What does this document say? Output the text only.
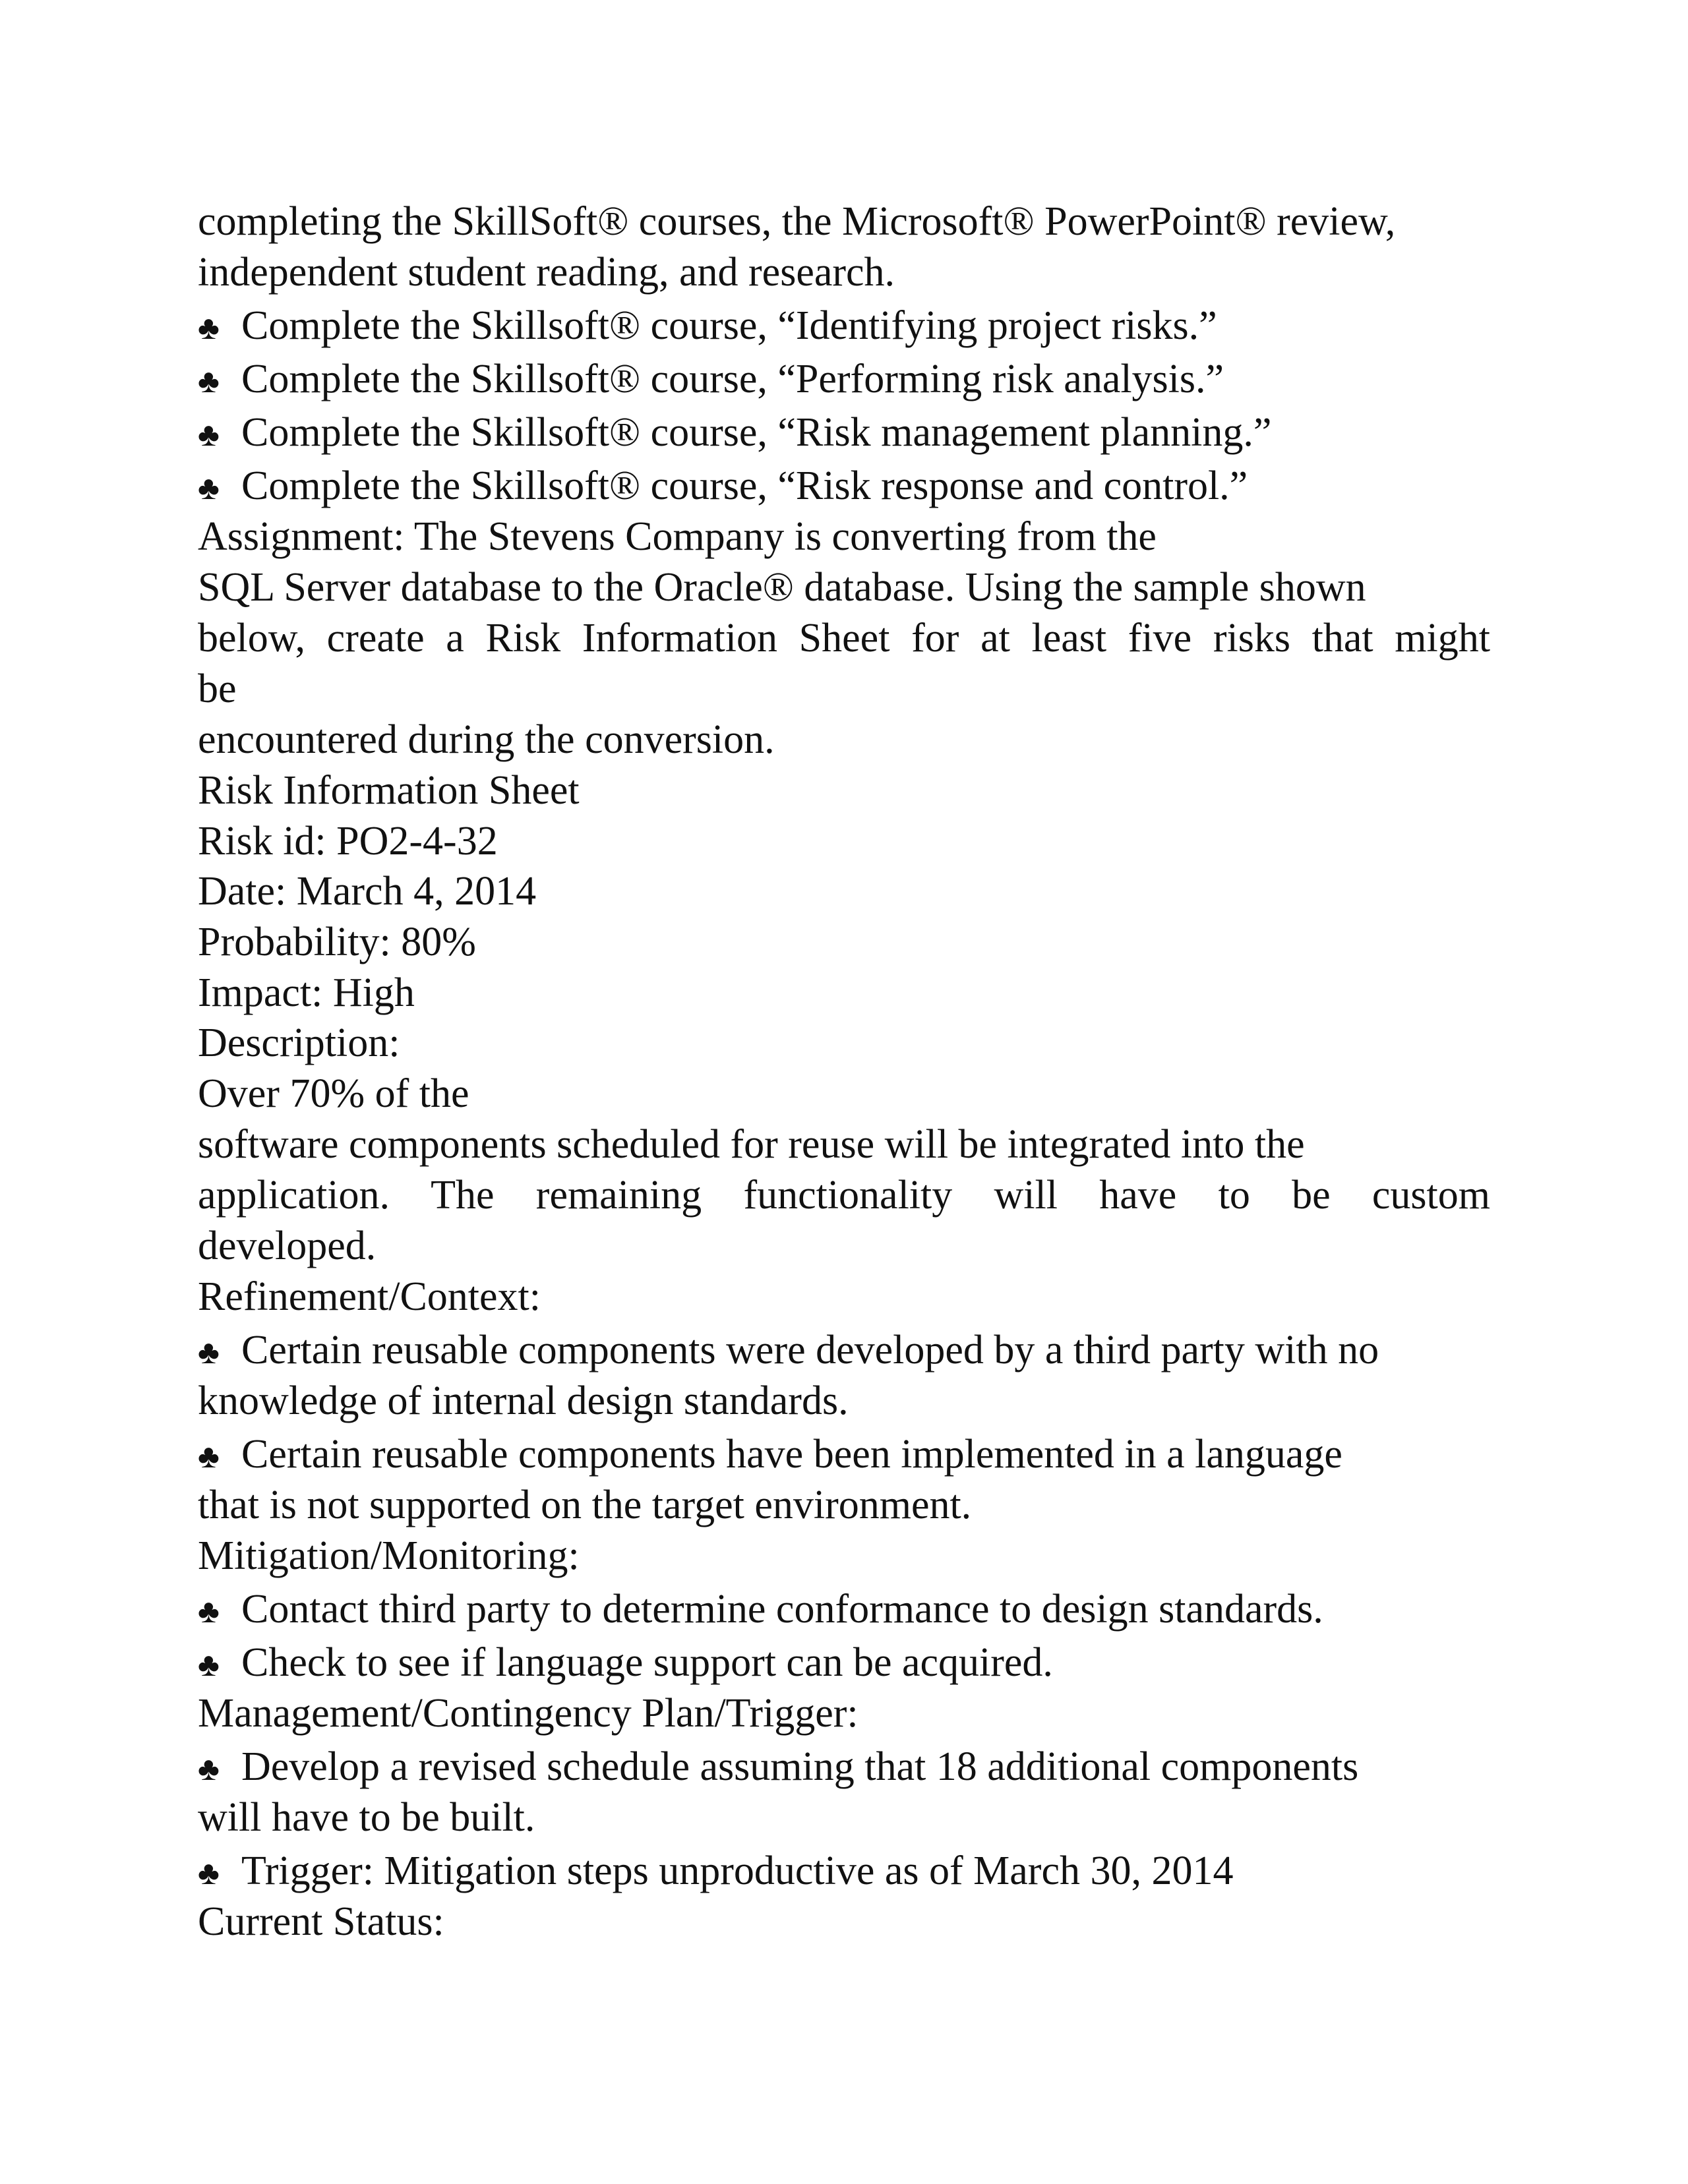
completing the SkillSoft® courses, the Microsoft® PowerPoint® review,
independent student reading, and research.
♣ Complete the Skillsoft® course, “Identifying project risks.”
♣ Complete the Skillsoft® course, “Performing risk analysis.”
♣ Complete the Skillsoft® course, “Risk management planning.”
♣ Complete the Skillsoft® course, “Risk response and control.”
Assignment: The Stevens Company is converting from the
SQL Server database to the Oracle® database. Using the sample shown
below, create a Risk Information Sheet for at least five risks that might
be
encountered during the conversion.
Risk Information Sheet
Risk id: PO2-4-32
Date: March 4, 2014
Probability: 80%
Impact: High
Description:
Over 70% of the
software components scheduled for reuse will be integrated into the
application. The remaining functionality will have to be custom
developed.
Refinement/Context:
♣ Certain reusable components were developed by a third party with no
knowledge of internal design standards.
♣ Certain reusable components have been implemented in a language
that is not supported on the target environment.
Mitigation/Monitoring:
♣ Contact third party to determine conformance to design standards.
♣ Check to see if language support can be acquired.
Management/Contingency Plan/Trigger:
♣ Develop a revised schedule assuming that 18 additional components
will have to be built.
♣ Trigger: Mitigation steps unproductive as of March 30, 2014
Current Status:
